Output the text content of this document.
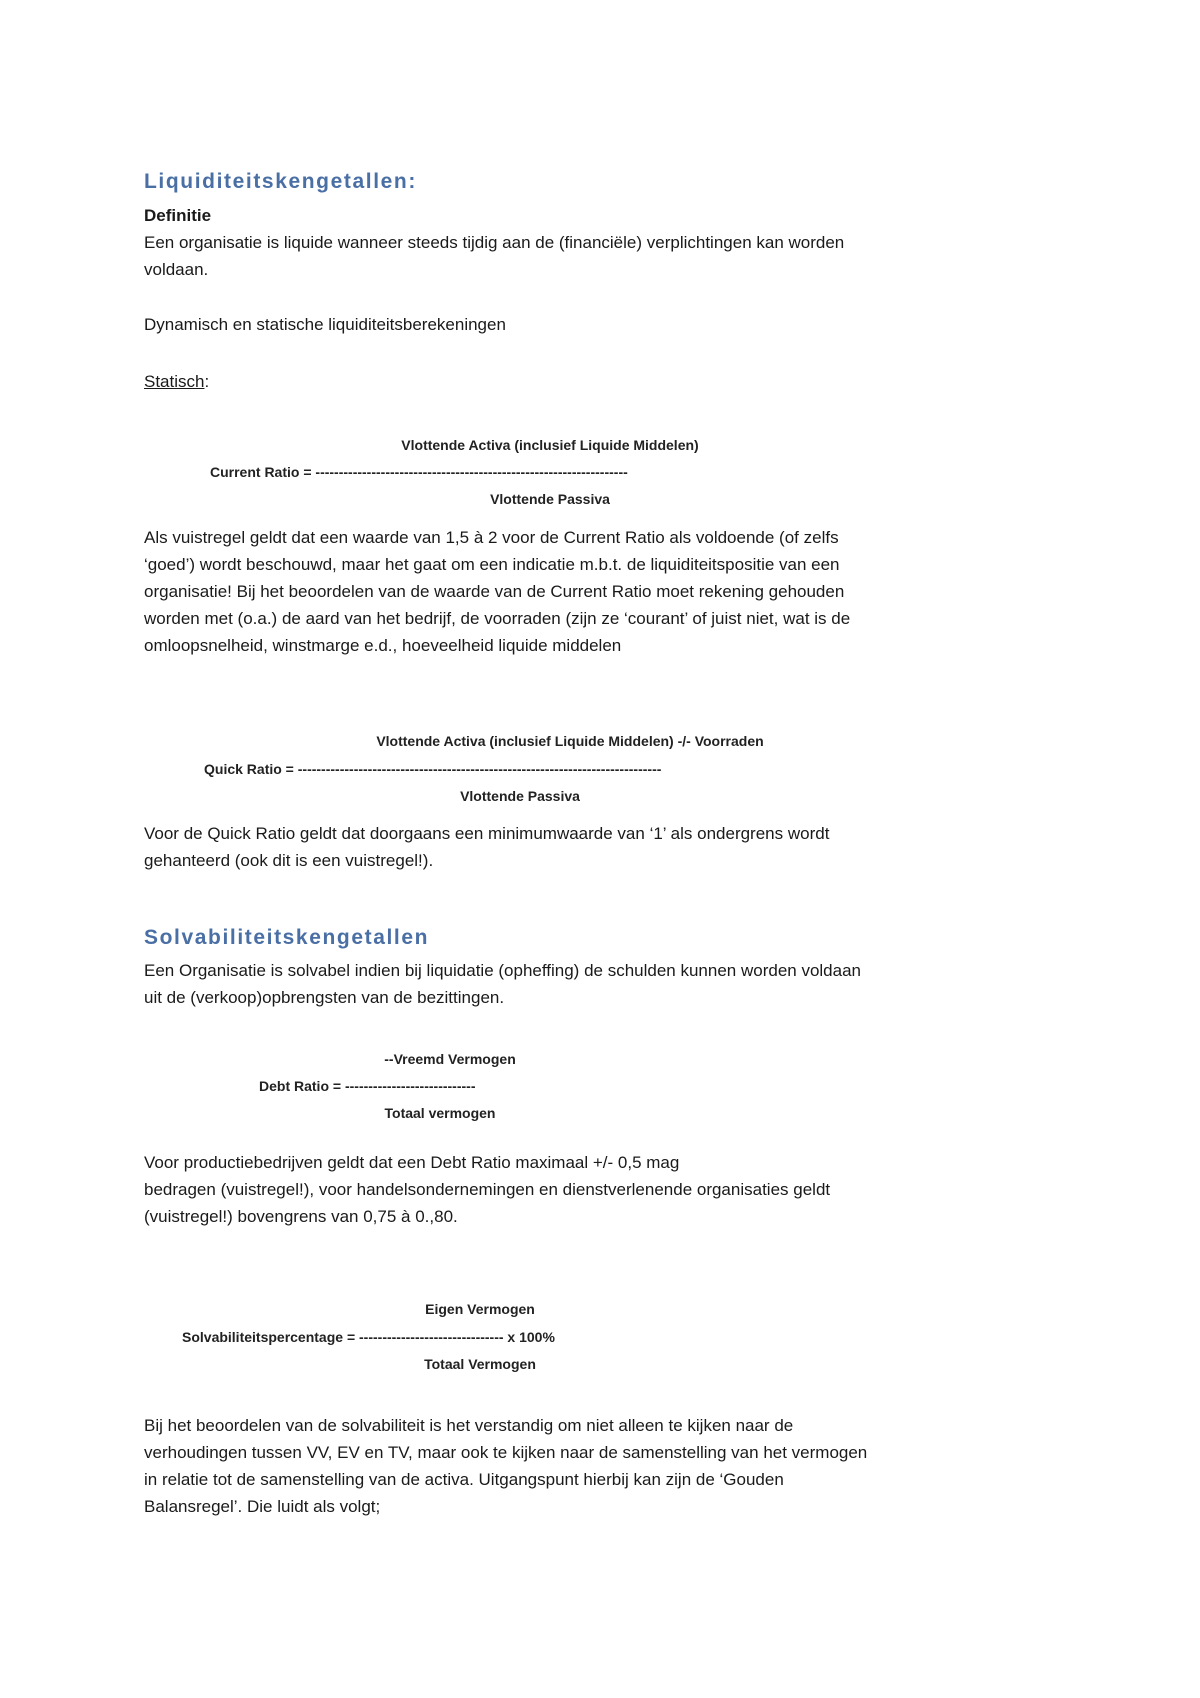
Liquiditeitskengetallen:
Definitie
Een organisatie is liquide wanneer steeds tijdig aan de (financiële) verplichtingen kan worden
voldaan.
Dynamisch en statische liquiditeitsberekeningen
Statisch:
Vlottende Activa (inclusief Liquide Middelen)
Current Ratio = -------------------------------------------------------------------
Vlottende Passiva
Als vuistregel geldt dat een waarde van 1,5 à 2 voor de Current Ratio als voldoende (of zelfs
‘goed’) wordt beschouwd, maar het gaat om een indicatie m.b.t. de liquiditeitspositie van een
organisatie! Bij het beoordelen van de waarde van de Current Ratio moet rekening gehouden
worden met (o.a.) de aard van het bedrijf, de voorraden (zijn ze ‘courant’ of juist niet, wat is de
omloopsnelheid, winstmarge e.d., hoeveelheid liquide middelen
Vlottende Activa (inclusief Liquide Middelen) -/- Voorraden
Quick Ratio = ------------------------------------------------------------------------------
Vlottende Passiva
Voor de Quick Ratio geldt dat doorgaans een minimumwaarde van ‘1’ als ondergrens wordt
gehanteerd (ook dit is een vuistregel!).
Solvabiliteitskengetallen
Een Organisatie is solvabel indien bij liquidatie (opheffing) de schulden kunnen worden voldaan
uit de (verkoop)opbrengsten van de bezittingen.
--Vreemd Vermogen
Debt Ratio = ----------------------------
Totaal vermogen
Voor productiebedrijven geldt dat een Debt Ratio maximaal +/- 0,5 mag
bedragen (vuistregel!), voor handelsondernemingen en dienstverlenende organisaties geldt
(vuistregel!) bovengrens van 0,75 à 0.,80.
Eigen Vermogen
Solvabiliteitspercentage = ------------------------------- x 100%
Totaal Vermogen
Bij het beoordelen van de solvabiliteit is het verstandig om niet alleen te kijken naar de
verhoudingen tussen VV, EV en TV, maar ook te kijken naar de samenstelling van het vermogen
in relatie tot de samenstelling van de activa. Uitgangspunt hierbij kan zijn de ‘Gouden
Balansregel’. Die luidt als volgt;
